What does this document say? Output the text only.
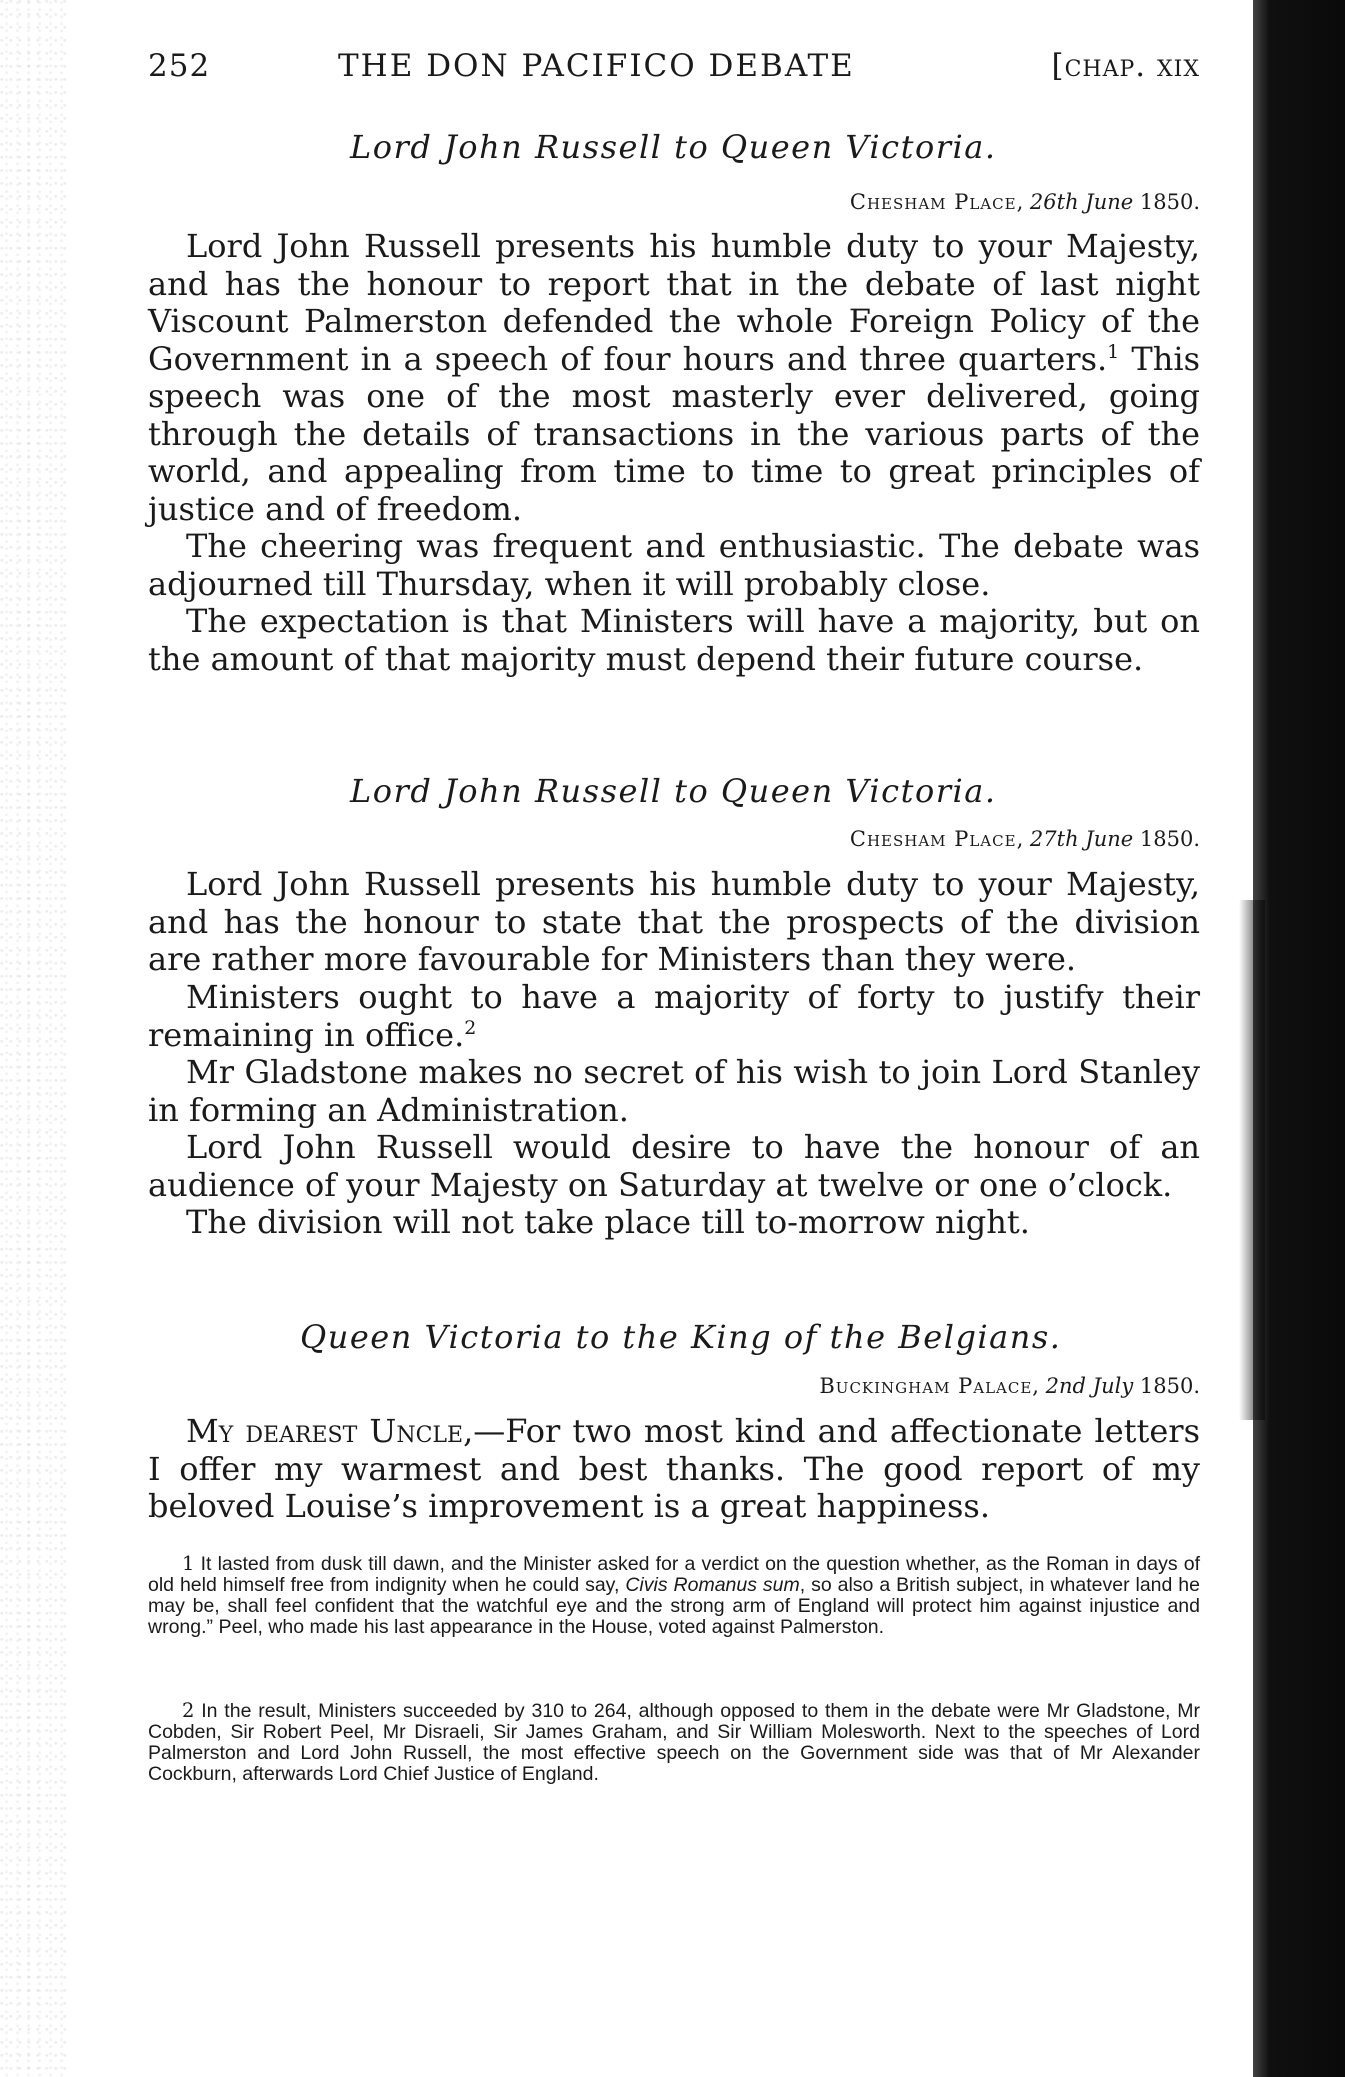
252	THE DON PACIFICO DEBATE	[chap. xix
Lord John Russell to Queen Victoria.
Chesham Place, 26th June 1850.

Lord John Russell presents his humble duty to your Majesty, and has the honour to report that in the debate of last night Viscount Palmerston defended the whole Foreign Policy of the Government in a speech of four hours and three quarters.$^1$ This speech was one of the most masterly ever delivered, going through the details of transactions in the various parts of the world, and appealing from time to time to great principles of justice and of freedom.

The cheering was frequent and enthusiastic. The debate was adjourned till Thursday, when it will probably close.

The expectation is that Ministers will have a majority, but on the amount of that majority must depend their future course.

Lord John Russell to Queen Victoria.
Chesham Place, 27th June 1850.

Lord John Russell presents his humble duty to your Majesty, and has the honour to state that the prospects of the division are rather more favourable for Ministers than they were.

Ministers ought to have a majority of forty to justify their remaining in office.$^2$

Mr Gladstone makes no secret of his wish to join Lord Stanley in forming an Administration.

Lord John Russell would desire to have the honour of an audience of your Majesty on Saturday at twelve or one o’clock.

The division will not take place till to-morrow night.

Queen Victoria to the King of the Belgians.
Buckingham Palace, 2nd July 1850.

My dearest Uncle,—For two most kind and affectionate letters I offer my warmest and best thanks. The good report of my beloved Louise’s improvement is a great happiness.

1 It lasted from dusk till dawn, and the Minister asked for a verdict on the question whether, as the Roman in days of old held himself free from indignity when he could say, Civis Romanus sum, so also a British subject, in whatever land he may be, shall feel confident that the watchful eye and the strong arm of England will protect him against injustice and wrong.” Peel, who made his last appearance in the House, voted against Palmerston.

2 In the result, Ministers succeeded by 310 to 264, although opposed to them in the debate were Mr Gladstone, Mr Cobden, Sir Robert Peel, Mr Disraeli, Sir James Graham, and Sir William Molesworth. Next to the speeches of Lord Palmerston and Lord John Russell, the most effective speech on the Government side was that of Mr Alexander Cockburn, afterwards Lord Chief Justice of England.
